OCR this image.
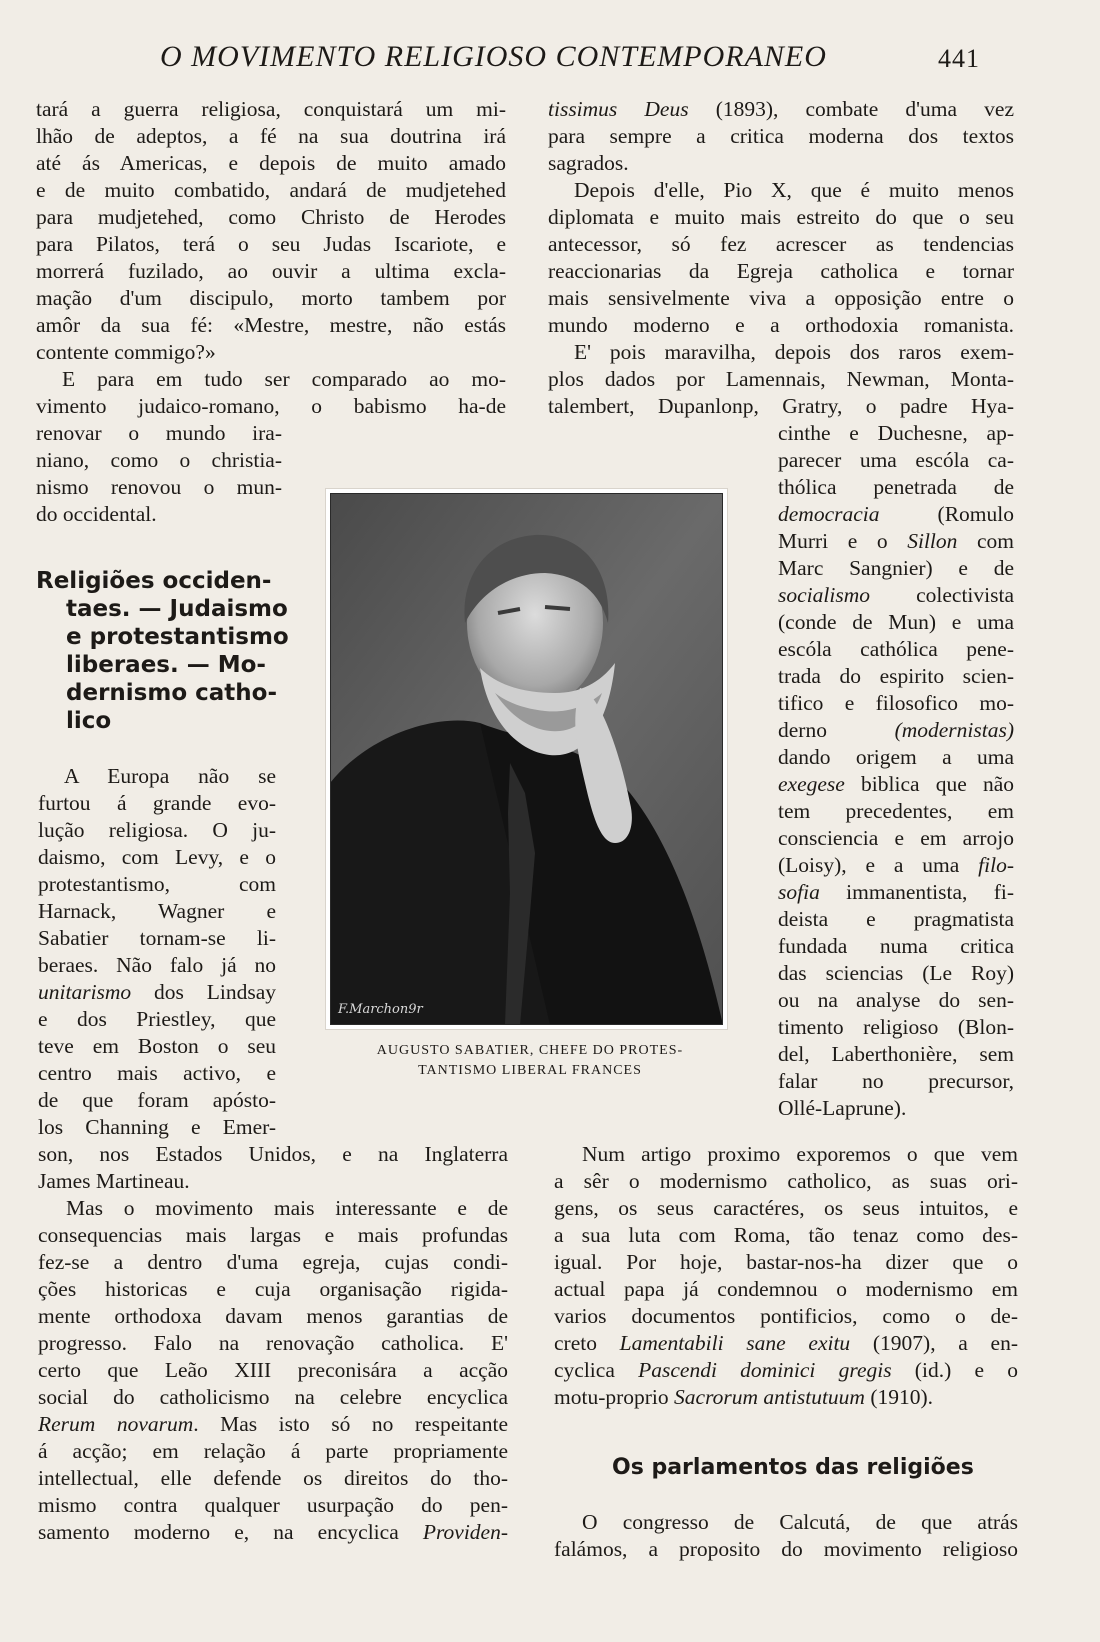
O MOVIMENTO RELIGIOSO CONTEMPORANEO	441
tará a guerra religiosa, conquistará um mi-
lhão de adeptos, a fé na sua doutrina irá
até ás Americas, e depois de muito amado
e de muito combatido, andará de mudjetehed
para mudjetehed, como Christo de Herodes
para Pilatos, terá o seu Judas Iscariote, e
morrerá fuzilado, ao ouvir a ultima excla-
mação d'um discipulo, morto tambem por
amôr da sua fé: «Mestre, mestre, não estás
contente commigo?»
E para em tudo ser comparado ao mo-
vimento judaico-romano, o babismo ha-de
renovar o mundo ira-
niano, como o christia-
nismo renovou o mun-
do occidental.
Religiões occiden-
taes. — Judaismo
e protestantismo
liberaes. — Mo-
dernismo catho-
lico
A Europa não se
furtou á grande evo-
lução religiosa. O ju-
daismo, com Levy, e o
protestantismo, com
Harnack, Wagner e
Sabatier tornam-se li-
beraes. Não falo já no
unitarismo dos Lindsay
e dos Priestley, que
teve em Boston o seu
centro mais activo, e
de que foram apósto-
los Channing e Emer-
son, nos Estados Unidos, e na Inglaterra
James Martineau.
Mas o movimento mais interessante e de
consequencias mais largas e mais profundas
fez-se a dentro d'uma egreja, cujas condi-
ções historicas e cuja organisação rigida-
mente orthodoxa davam menos garantias de
progresso. Falo na renovação catholica. E'
certo que Leão XIII preconisára a acção
social do catholicismo na celebre encyclica
Rerum novarum. Mas isto só no respeitante
á acção; em relação á parte propriamente
intellectual, elle defende os direitos do tho-
mismo contra qualquer usurpação do pen-
samento moderno e, na encyclica Providen-
F.Marchon9r
AUGUSTO SABATIER, CHEFE DO PROTES-
TANTISMO LIBERAL FRANCES
tissimus Deus (1893), combate d'uma vez
para sempre a critica moderna dos textos
sagrados.
Depois d'elle, Pio X, que é muito menos
diplomata e muito mais estreito do que o seu
antecessor, só fez acrescer as tendencias
reaccionarias da Egreja catholica e tornar
mais sensivelmente viva a opposição entre o
mundo moderno e a orthodoxia romanista.
E' pois maravilha, depois dos raros exem-
plos dados por Lamennais, Newman, Monta-
talembert, Dupanlonp, Gratry, o padre Hya-
cinthe e Duchesne, ap-
parecer uma escóla ca-
thólica penetrada de
democracia (Romulo
Murri e o Sillon com
Marc Sangnier) e de
socialismo colectivista
(conde de Mun) e uma
escóla cathólica pene-
trada do espirito scien-
tifico e filosofico mo-
derno (modernistas)
dando origem a uma
exegese biblica que não
tem precedentes, em
consciencia e em arrojo
(Loisy), e a uma filo-
sofia immanentista, fi-
deista e pragmatista
fundada numa critica
das sciencias (Le Roy)
ou na analyse do sen-
timento religioso (Blon-
del, Laberthonière, sem
falar no precursor,
Ollé-Laprune).
Num artigo proximo exporemos o que vem
a sêr o modernismo catholico, as suas ori-
gens, os seus caractéres, os seus intuitos, e
a sua luta com Roma, tão tenaz como des-
igual. Por hoje, bastar-nos-ha dizer que o
actual papa já condemnou o modernismo em
varios documentos pontificios, como o de-
creto Lamentabili sane exitu (1907), a en-
cyclica Pascendi dominici gregis (id.) e o
motu-proprio Sacrorum antistutuum (1910).
Os parlamentos das religiões
O congresso de Calcutá, de que atrás
falámos, a proposito do movimento religioso
